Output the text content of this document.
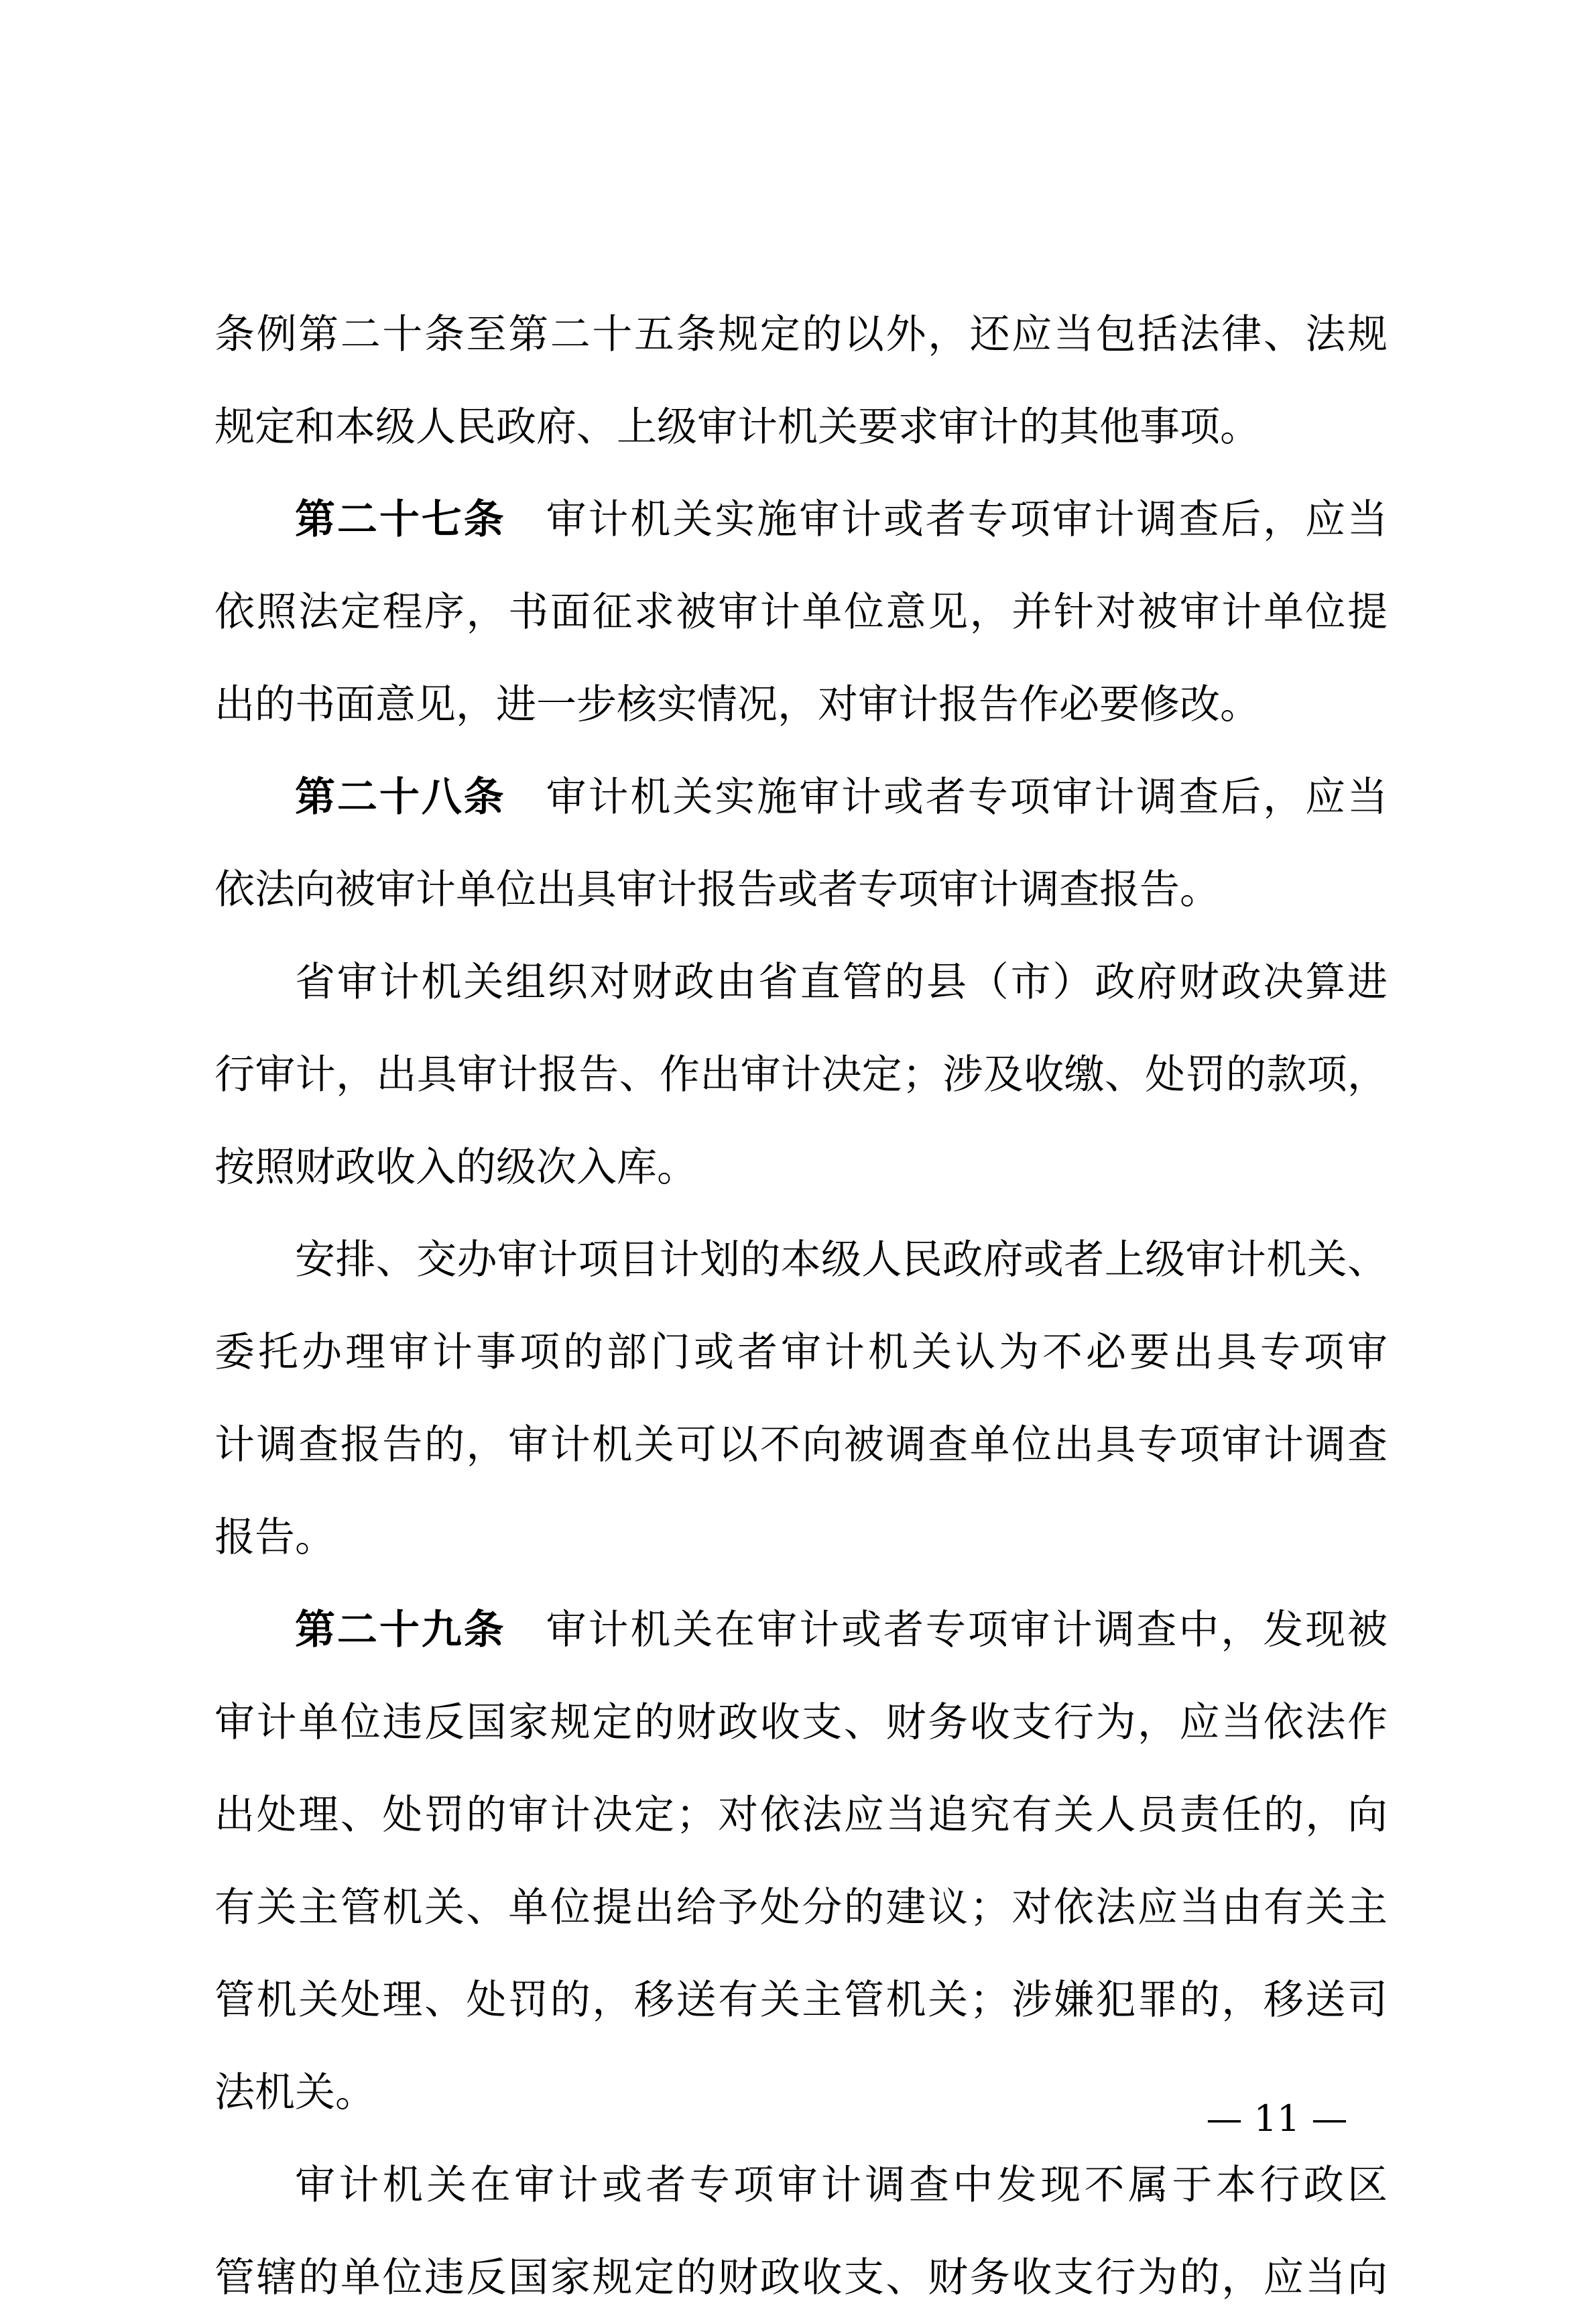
条例第二十条至第二十五条规定的以外，还应当包括法律、法规
规定和本级人民政府、上级审计机关要求审计的其他事项。
第二十七条 审计机关实施审计或者专项审计调查后，应当
依照法定程序，书面征求被审计单位意见，并针对被审计单位提
出的书面意见，进一步核实情况，对审计报告作必要修改。
第二十八条 审计机关实施审计或者专项审计调查后，应当
依法向被审计单位出具审计报告或者专项审计调查报告。
省审计机关组织对财政由省直管的县（市）政府财政决算进
行审计，出具审计报告、作出审计决定；涉及收缴、处罚的款项，
按照财政收入的级次入库。
安排、交办审计项目计划的本级人民政府或者上级审计机关、
委托办理审计事项的部门或者审计机关认为不必要出具专项审
计调查报告的，审计机关可以不向被调查单位出具专项审计调查
报告。
第二十九条 审计机关在审计或者专项审计调查中，发现被
审计单位违反国家规定的财政收支、财务收支行为，应当依法作
出处理、处罚的审计决定；对依法应当追究有关人员责任的，向
有关主管机关、单位提出给予处分的建议；对依法应当由有关主
管机关处理、处罚的，移送有关主管机关；涉嫌犯罪的，移送司
法机关。
审计机关在审计或者专项审计调查中发现不属于本行政区
管辖的单位违反国家规定的财政收支、财务收支行为的，应当向
— 11 —
